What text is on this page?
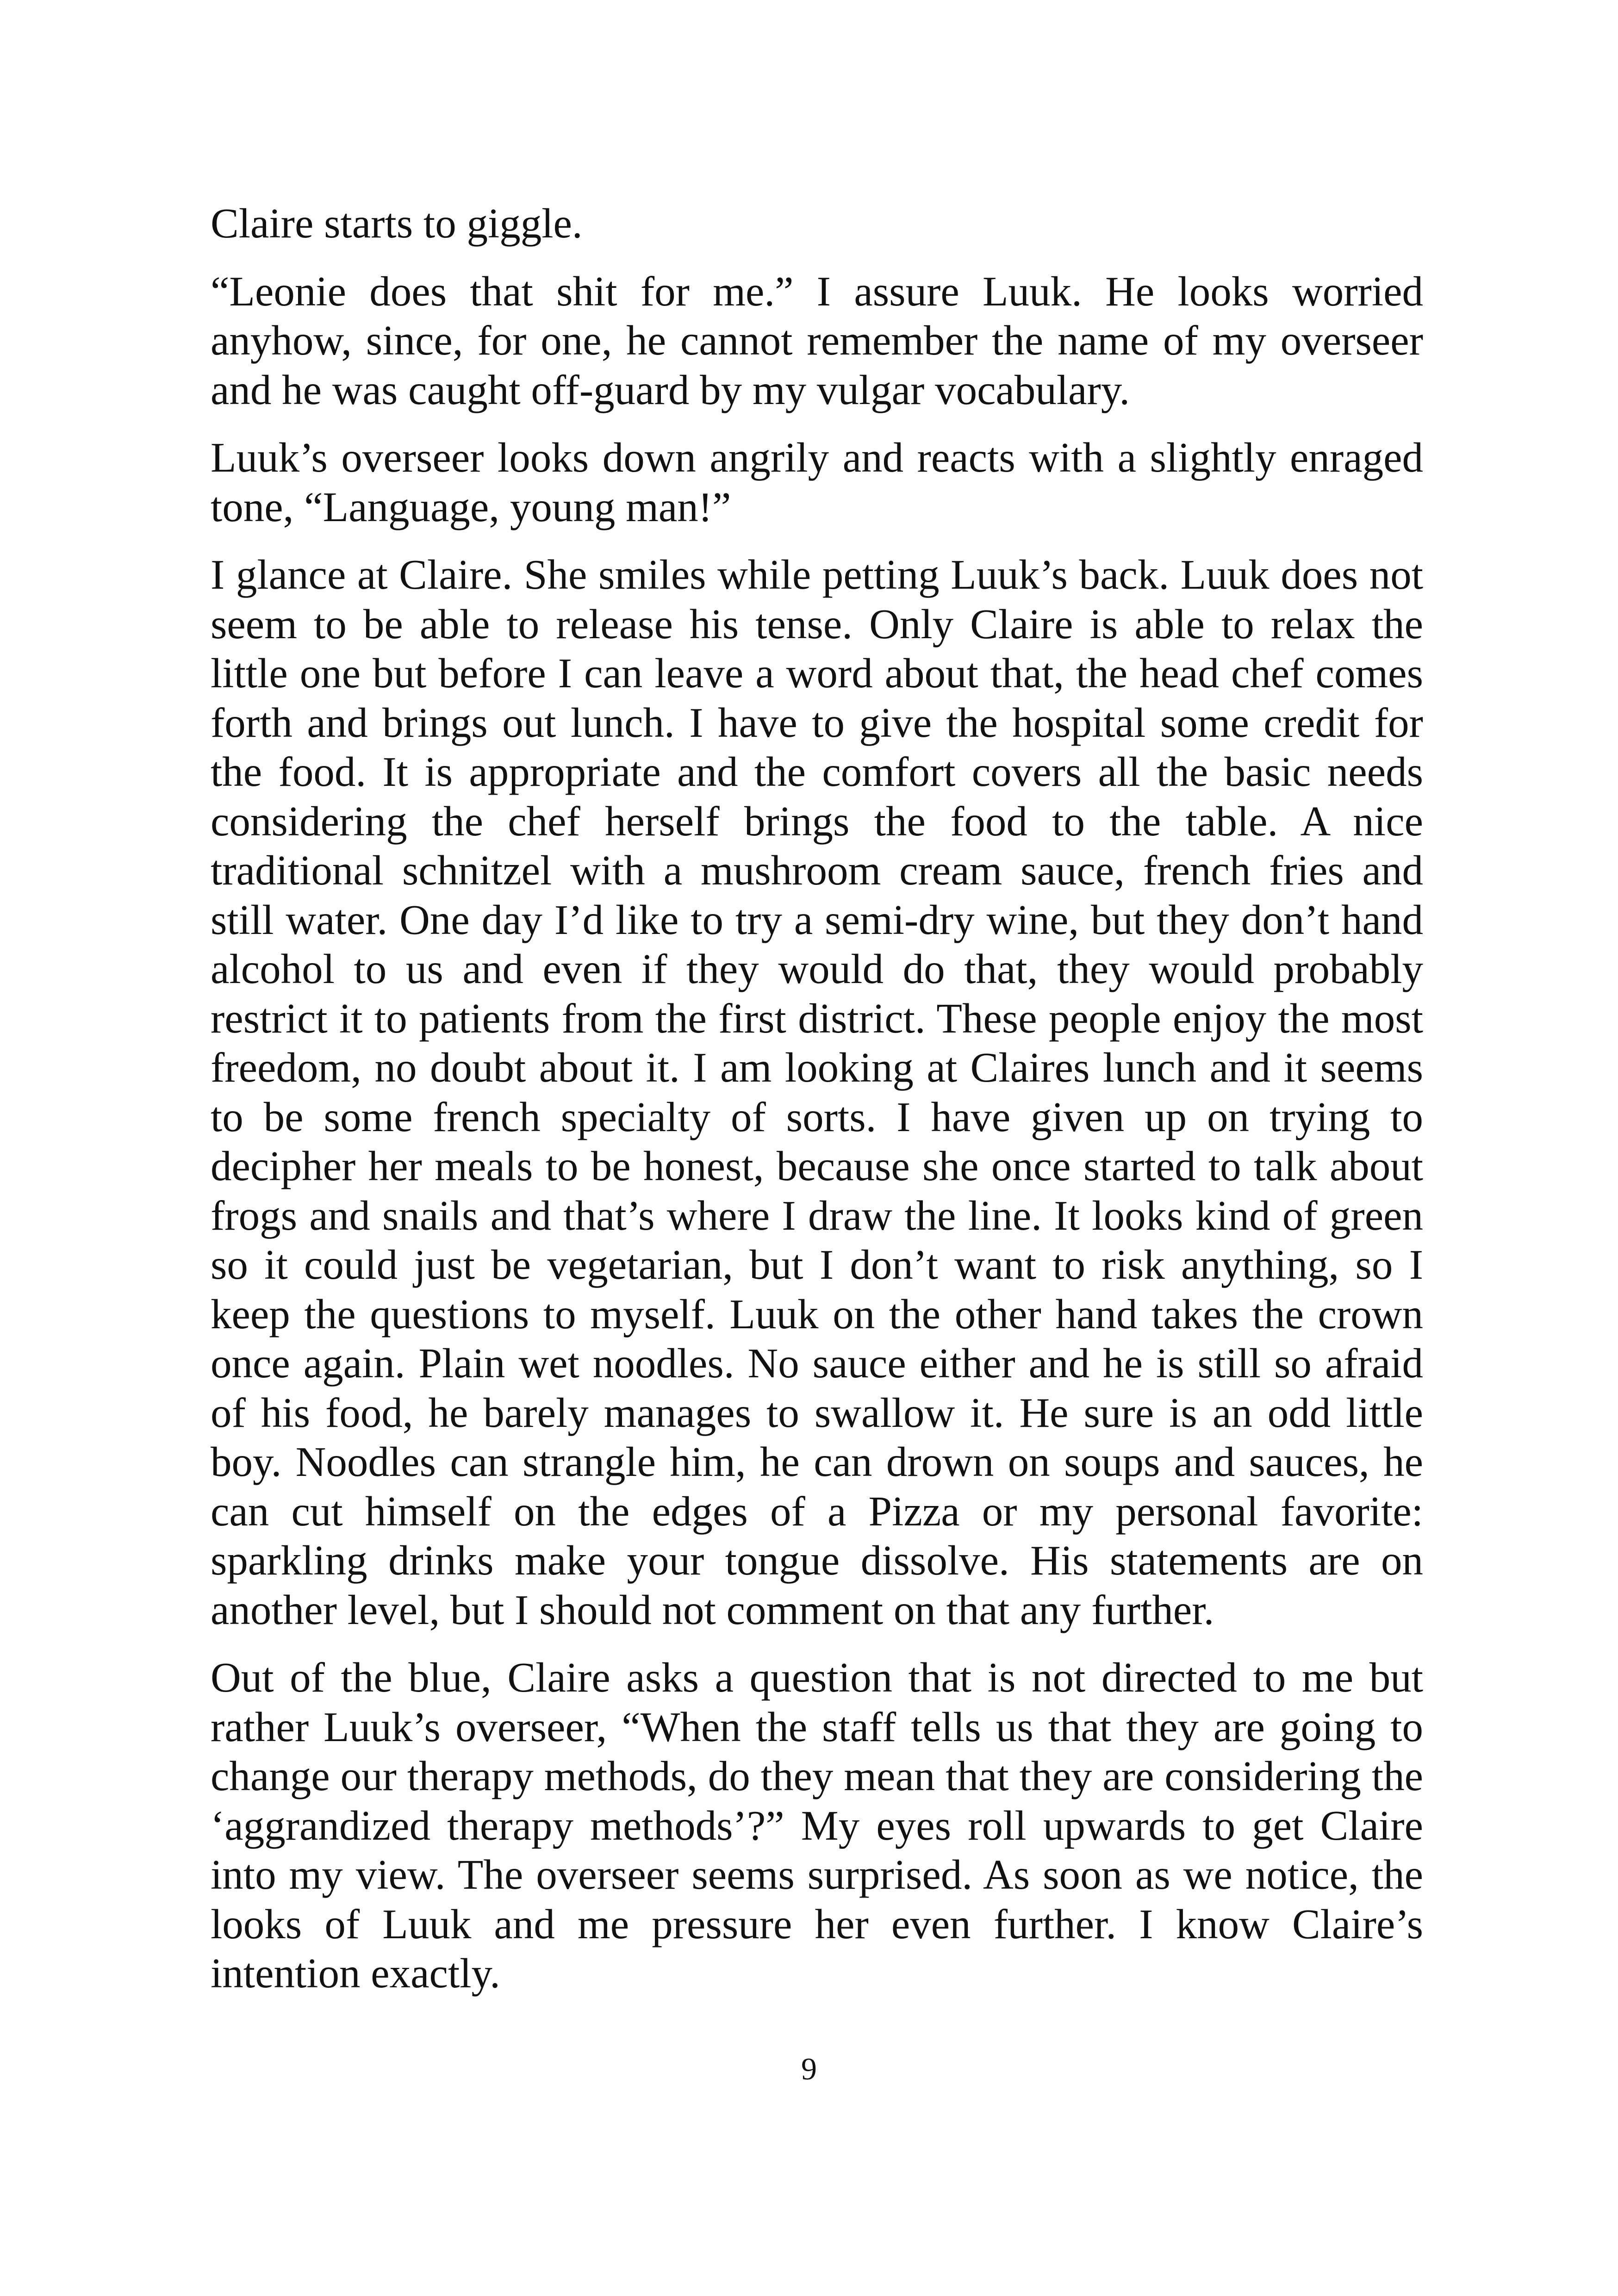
Claire starts to giggle.

“Leonie does that shit for me.” I assure Luuk. He looks worried anyhow, since, for one, he cannot remember the name of my overseer and he was caught off-guard by my vulgar vocabulary.

Luuk’s overseer looks down angrily and reacts with a slightly enraged tone, “Language, young man!”

I glance at Claire. She smiles while petting Luuk’s back. Luuk does not seem to be able to release his tense. Only Claire is able to relax the little one but before I can leave a word about that, the head chef comes forth and brings out lunch. I have to give the hospital some credit for the food. It is appropriate and the comfort covers all the basic needs considering the chef herself brings the food to the table. A nice traditional schnitzel with a mushroom cream sauce, french fries and still water. One day I’d like to try a semi-dry wine, but they don’t hand alcohol to us and even if they would do that, they would probably restrict it to patients from the first district. These people enjoy the most freedom, no doubt about it. I am looking at Claires lunch and it seems to be some french specialty of sorts. I have given up on trying to decipher her meals to be honest, because she once started to talk about frogs and snails and that’s where I draw the line. It looks kind of green so it could just be vegetarian, but I don’t want to risk anything, so I keep the questions to myself. Luuk on the other hand takes the crown once again. Plain wet noodles. No sauce either and he is still so afraid of his food, he barely manages to swallow it. He sure is an odd little boy. Noodles can strangle him, he can drown on soups and sauces, he can cut himself on the edges of a Pizza or my personal favorite: sparkling drinks make your tongue dissolve. His statements are on another level, but I should not comment on that any further.

Out of the blue, Claire asks a question that is not directed to me but rather Luuk’s overseer, “When the staff tells us that they are going to change our therapy methods, do they mean that they are considering the ‘aggrandized therapy methods’?” My eyes roll upwards to get Claire into my view. The overseer seems surprised. As soon as we notice, the looks of Luuk and me pressure her even further. I know Claire’s intention exactly.

9
